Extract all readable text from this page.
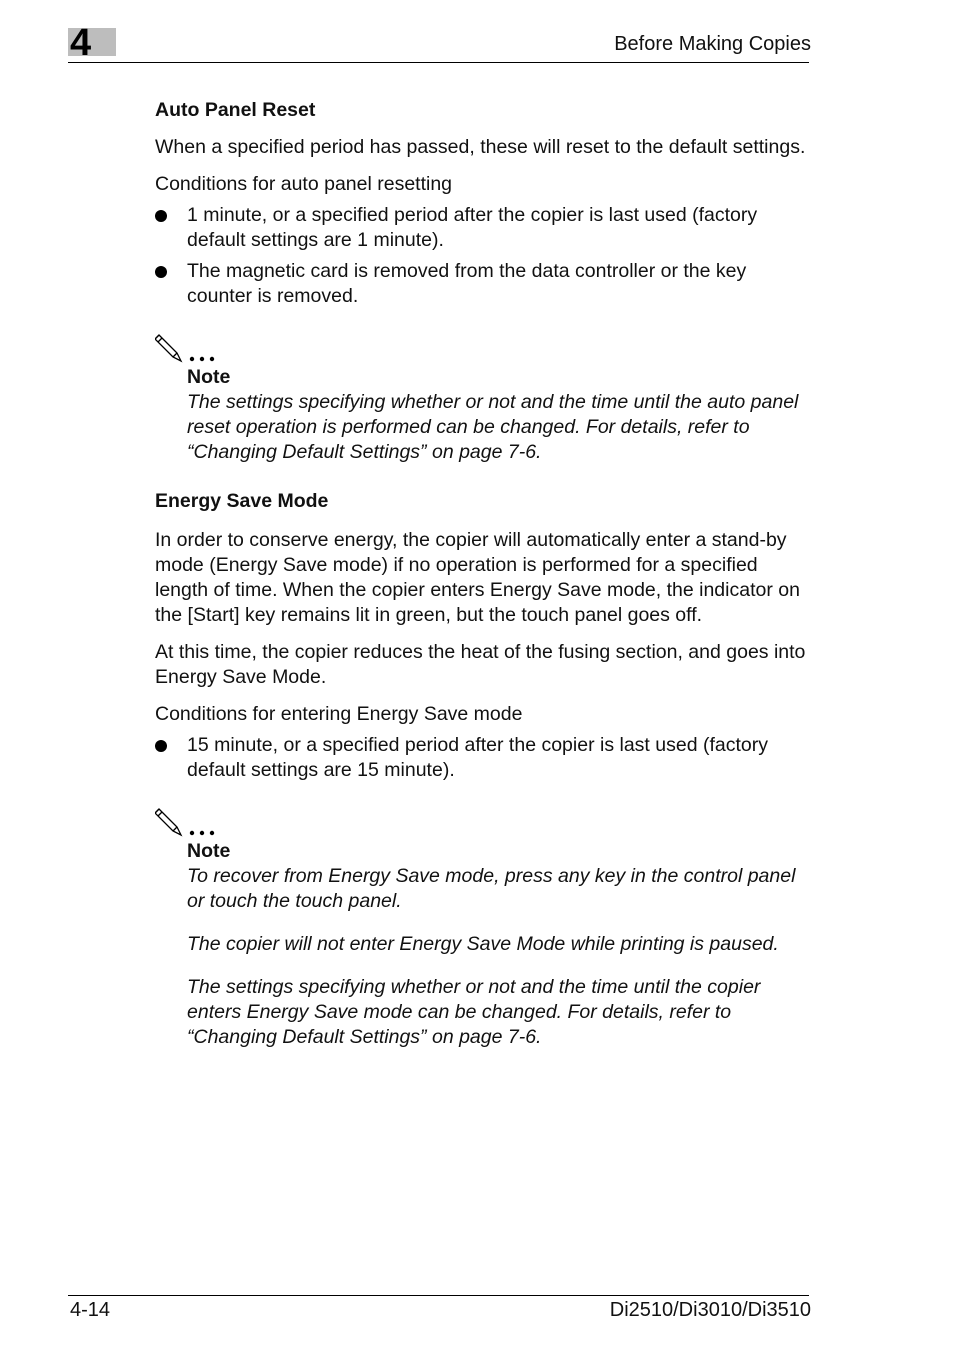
4	Before Making Copies
Auto Panel Reset

When a specified period has passed, these will reset to the default settings.

Conditions for auto panel resetting

1 minute, or a specified period after the copier is last used (factory default settings are 1 minute).
The magnetic card is removed from the data controller or the key counter is removed.
Note
The settings specifying whether or not and the time until the auto panel reset operation is performed can be changed. For details, refer to “Changing Default Settings” on page 7-6.
Energy Save Mode

In order to conserve energy, the copier will automatically enter a stand-by mode (Energy Save mode) if no operation is performed for a specified length of time. When the copier enters Energy Save mode, the indicator on the [Start] key remains lit in green, but the touch panel goes off.

At this time, the copier reduces the heat of the fusing section, and goes into Energy Save Mode.

Conditions for entering Energy Save mode

15 minute, or a specified period after the copier is last used (factory default settings are 15 minute).
Note
To recover from Energy Save mode, press any key in the control panel or touch the touch panel.
The copier will not enter Energy Save Mode while printing is paused.
The settings specifying whether or not and the time until the copier enters Energy Save mode can be changed. For details, refer to “Changing Default Settings” on page 7-6.
4-14	Di2510/Di3010/Di3510
